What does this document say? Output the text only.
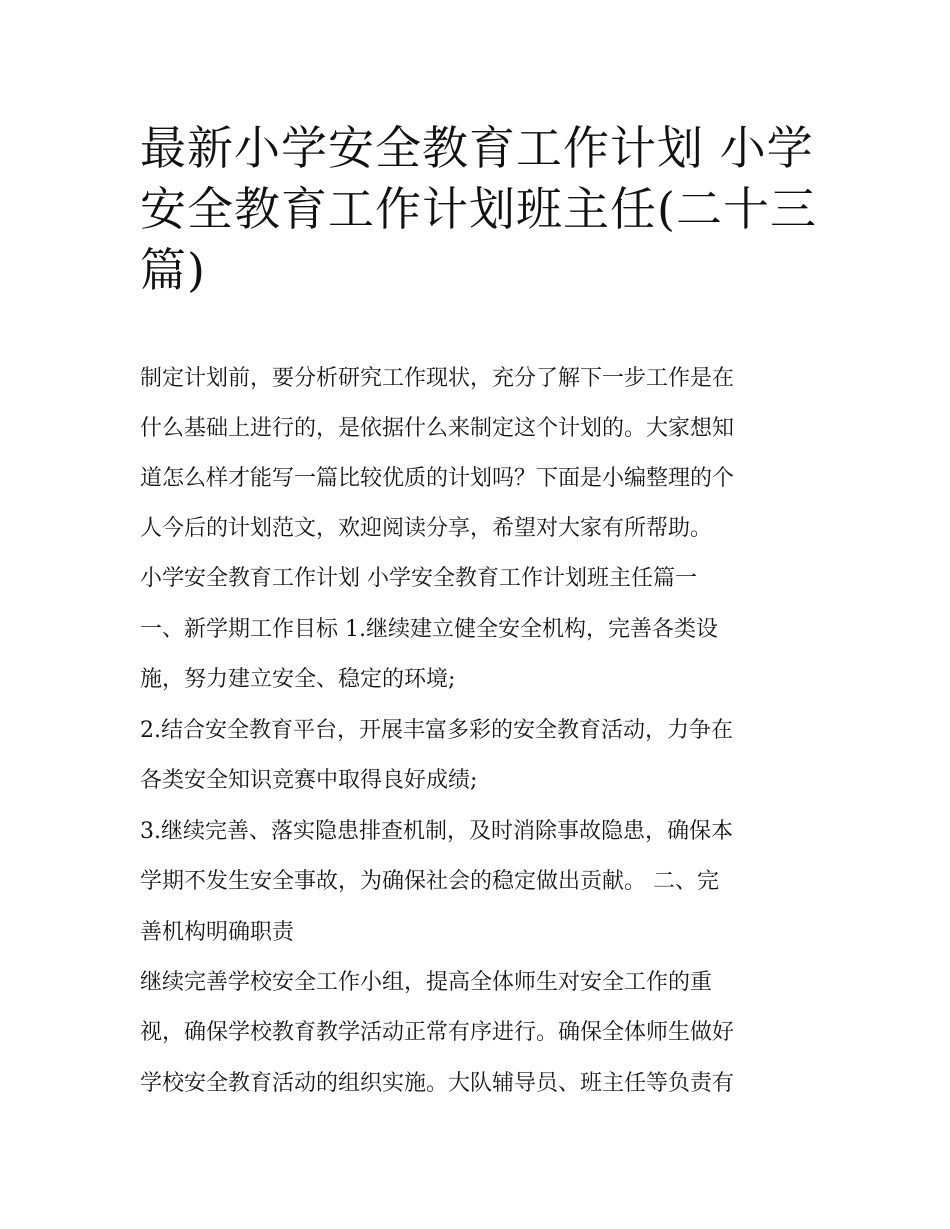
最新小学安全教育工作计划 小学安全教育工作计划班主任(二十三篇)

制定计划前，要分析研究工作现状，充分了解下一步工作是在

什么基础上进行的，是依据什么来制定这个计划的。大家想知

道怎么样才能写一篇比较优质的计划吗？下面是小编整理的个

人今后的计划范文，欢迎阅读分享，希望对大家有所帮助。

小学安全教育工作计划 小学安全教育工作计划班主任篇一

一、新学期工作目标 1.继续建立健全安全机构，完善各类设

施，努力建立安全、稳定的环境;

2.结合安全教育平台，开展丰富多彩的安全教育活动，力争在

各类安全知识竞赛中取得良好成绩;

3.继续完善、落实隐患排查机制，及时消除事故隐患，确保本

学期不发生安全事故，为确保社会的稳定做出贡献。 二、完

善机构明确职责

继续完善学校安全工作小组，提高全体师生对安全工作的重

视，确保学校教育教学活动正常有序进行。确保全体师生做好

学校安全教育活动的组织实施。大队辅导员、班主任等负责有
